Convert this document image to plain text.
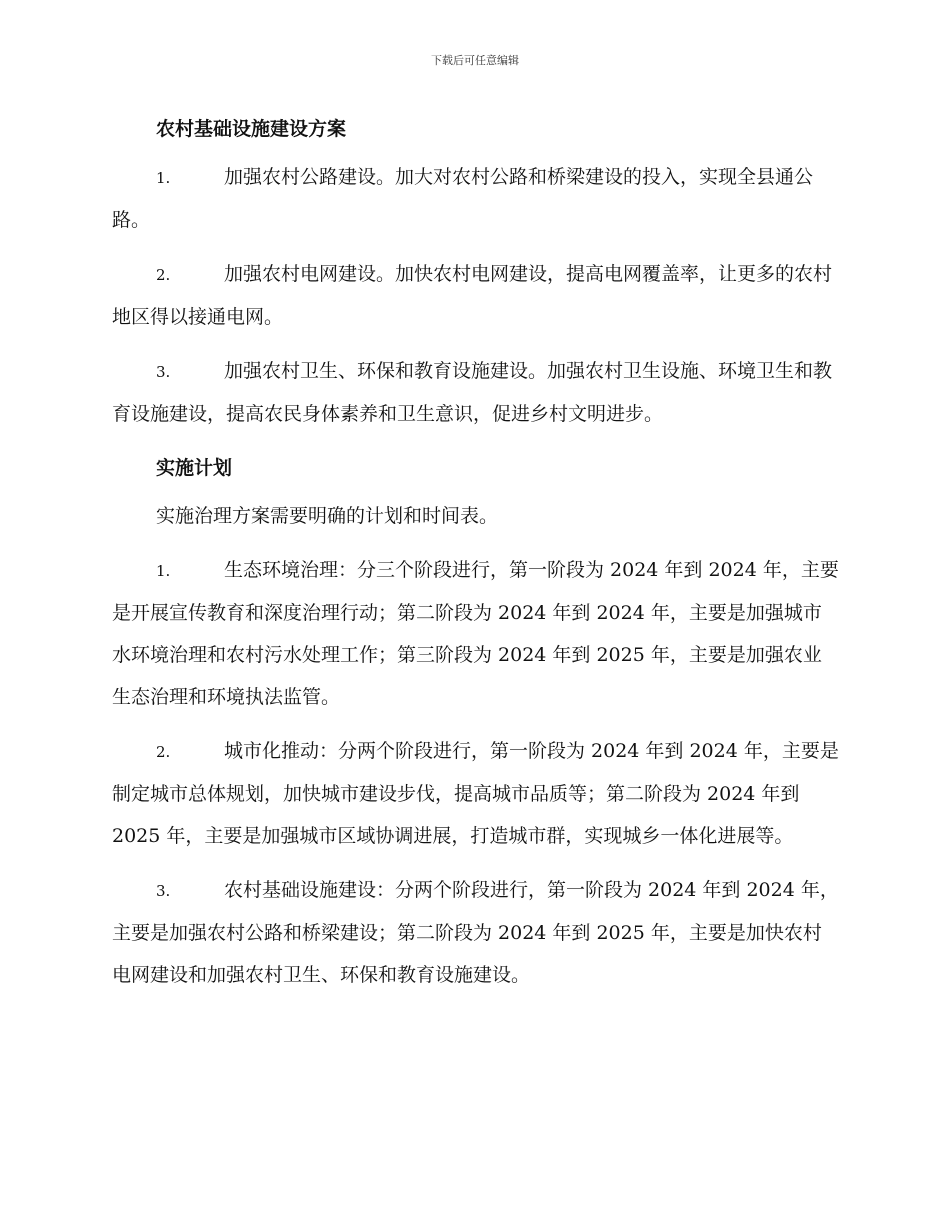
下载后可任意编辑
农村基础设施建设方案
1.	加强农村公路建设。加大对农村公路和桥梁建设的投入，实现全县通公路。
2.	加强农村电网建设。加快农村电网建设，提高电网覆盖率，让更多的农村地区得以接通电网。
3.	加强农村卫生、环保和教育设施建设。加强农村卫生设施、环境卫生和教育设施建设，提高农民身体素养和卫生意识，促进乡村文明进步。
实施计划
实施治理方案需要明确的计划和时间表。
1.	生态环境治理：分三个阶段进行，第一阶段为 2024 年到 2024 年，主要是开展宣传教育和深度治理行动；第二阶段为 2024 年到 2024 年，主要是加强城市水环境治理和农村污水处理工作；第三阶段为 2024 年到 2025 年，主要是加强农业生态治理和环境执法监管。
2.	城市化推动：分两个阶段进行，第一阶段为 2024 年到 2024 年，主要是制定城市总体规划，加快城市建设步伐，提高城市品质等；第二阶段为 2024 年到 2025 年，主要是加强城市区域协调进展，打造城市群，实现城乡一体化进展等。
3.	农村基础设施建设：分两个阶段进行，第一阶段为 2024 年到 2024 年，主要是加强农村公路和桥梁建设；第二阶段为 2024 年到 2025 年，主要是加快农村电网建设和加强农村卫生、环保和教育设施建设。
